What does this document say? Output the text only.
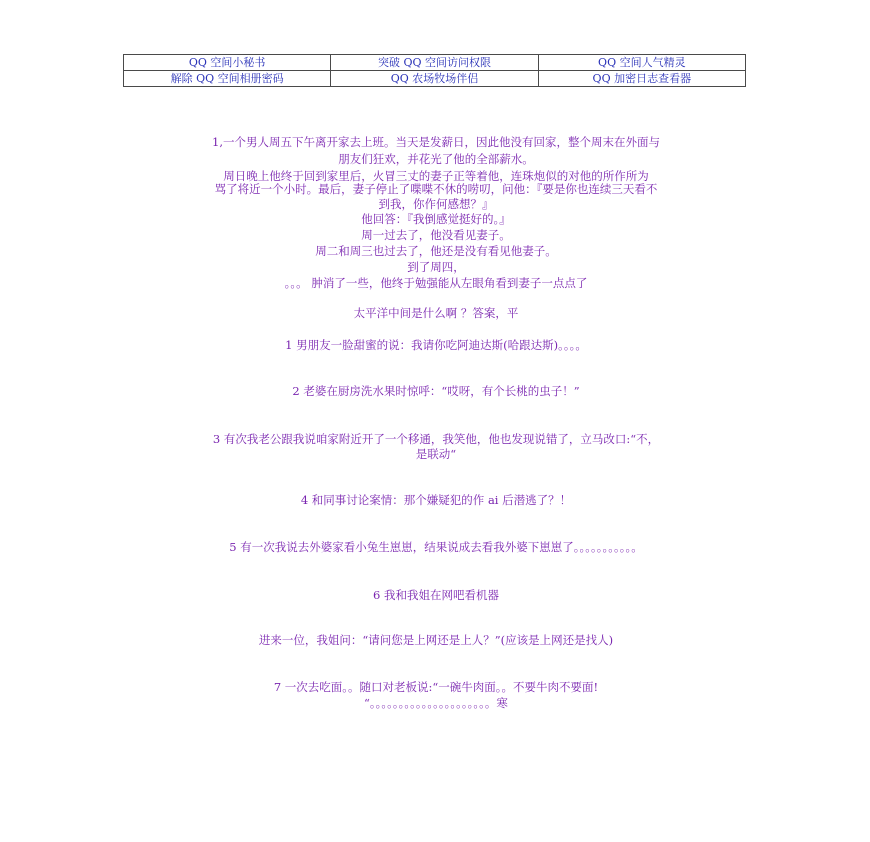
QQ 空间小秘书	突破 QQ 空间访问权限	QQ 空间人气精灵
解除 QQ 空间相册密码	QQ 农场牧场伴侣	QQ 加密日志查看器
1,一个男人周五下午离开家去上班。当天是发薪日，因此他没有回家，整个周末在外面与
朋友们狂欢，并花光了他的全部薪水。
周日晚上他终于回到家里后，火冒三丈的妻子正等着他，连珠炮似的对他的所作所为
骂了将近一个小时。最后，妻子停止了喋喋不休的唠叨，问他：『要是你也连续三天看不
到我，你作何感想？』
他回答：『我倒感觉挺好的。』
周一过去了，他没看见妻子。
周二和周三也过去了，他还是没有看见他妻子。
到了周四，
。。。 肿消了一些，他终于勉强能从左眼角看到妻子一点点了
太平洋中间是什么啊 ？答案，平
1 男朋友一脸甜蜜的说：我请你吃阿迪达斯(哈跟达斯)。。。。
2 老婆在厨房洗水果时惊呼：“哎呀，有个长桃的虫子！”
3 有次我老公跟我说咱家附近开了一个移通，我笑他，他也发现说错了，立马改口:“不，
是联动“
4 和同事讨论案情：那个嫌疑犯的作 ai 后潜逃了？！
5 有一次我说去外婆家看小兔生崽崽，结果说成去看我外婆下崽崽了。。。。。。。。。。。
6 我和我姐在网吧看机器
进来一位，我姐问：“请问您是上网还是上人？”(应该是上网还是找人)
7 一次去吃面。。随口对老板说:“一碗牛肉面。。不要牛肉不要面!
“。。。。。。。。。。。。。。。。。。。。。寒
